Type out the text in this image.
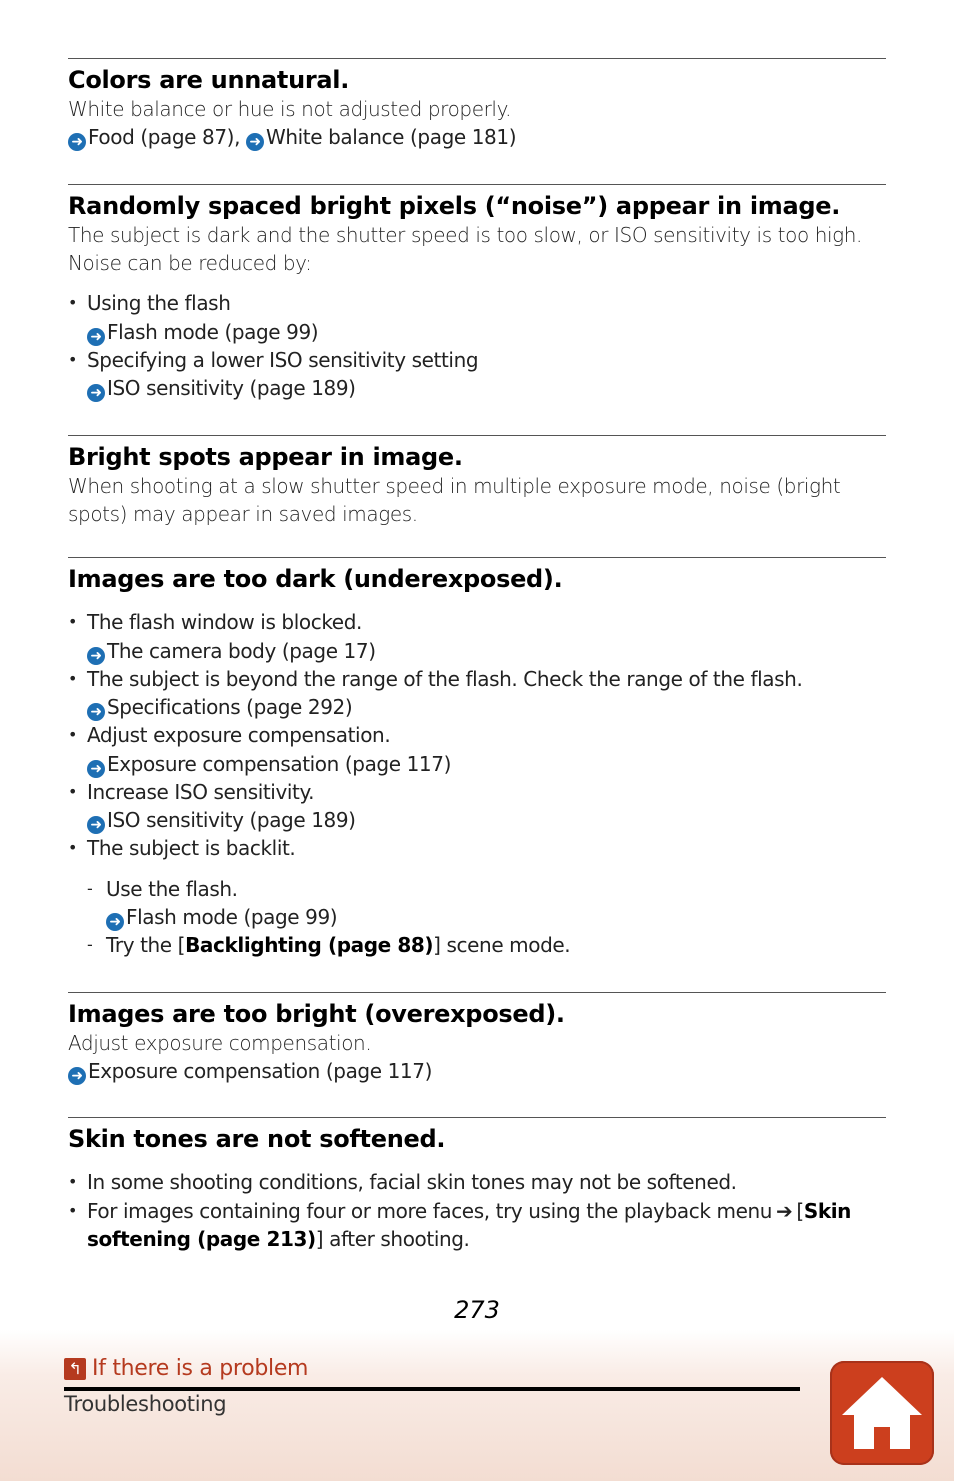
Colors are unnatural.

White balance or hue is not adjusted properly.

➜ Food (page 87), ➜ White balance (page 181)
Randomly spaced bright pixels (“noise”) appear in image.

The subject is dark and the shutter speed is too slow, or ISO sensitivity is too high. Noise can be reduced by:

• Using the flash
➜ Flash mode (page 99)
• Specifying a lower ISO sensitivity setting
➜ ISO sensitivity (page 189)
Bright spots appear in image.

When shooting at a slow shutter speed in multiple exposure mode, noise (bright spots) may appear in saved images.

Images are too dark (underexposed).
• The flash window is blocked.
➜ The camera body (page 17)
• The subject is beyond the range of the flash. Check the range of the flash.
➜ Specifications (page 292)
• Adjust exposure compensation.
➜ Exposure compensation (page 117)
• Increase ISO sensitivity.
➜ ISO sensitivity (page 189)
• The subject is backlit.
- Use the flash.
➜ Flash mode (page 99)
- Try the [Backlighting (page 88)] scene mode.
Images are too bright (overexposed).

Adjust exposure compensation.

➜ Exposure compensation (page 117)
Skin tones are not softened.
• In some shooting conditions, facial skin tones may not be softened.
• For images containing four or more faces, try using the playback menu ➔ [Skin softening (page 213)] after shooting.
273
↰ If there is a problem
Troubleshooting
